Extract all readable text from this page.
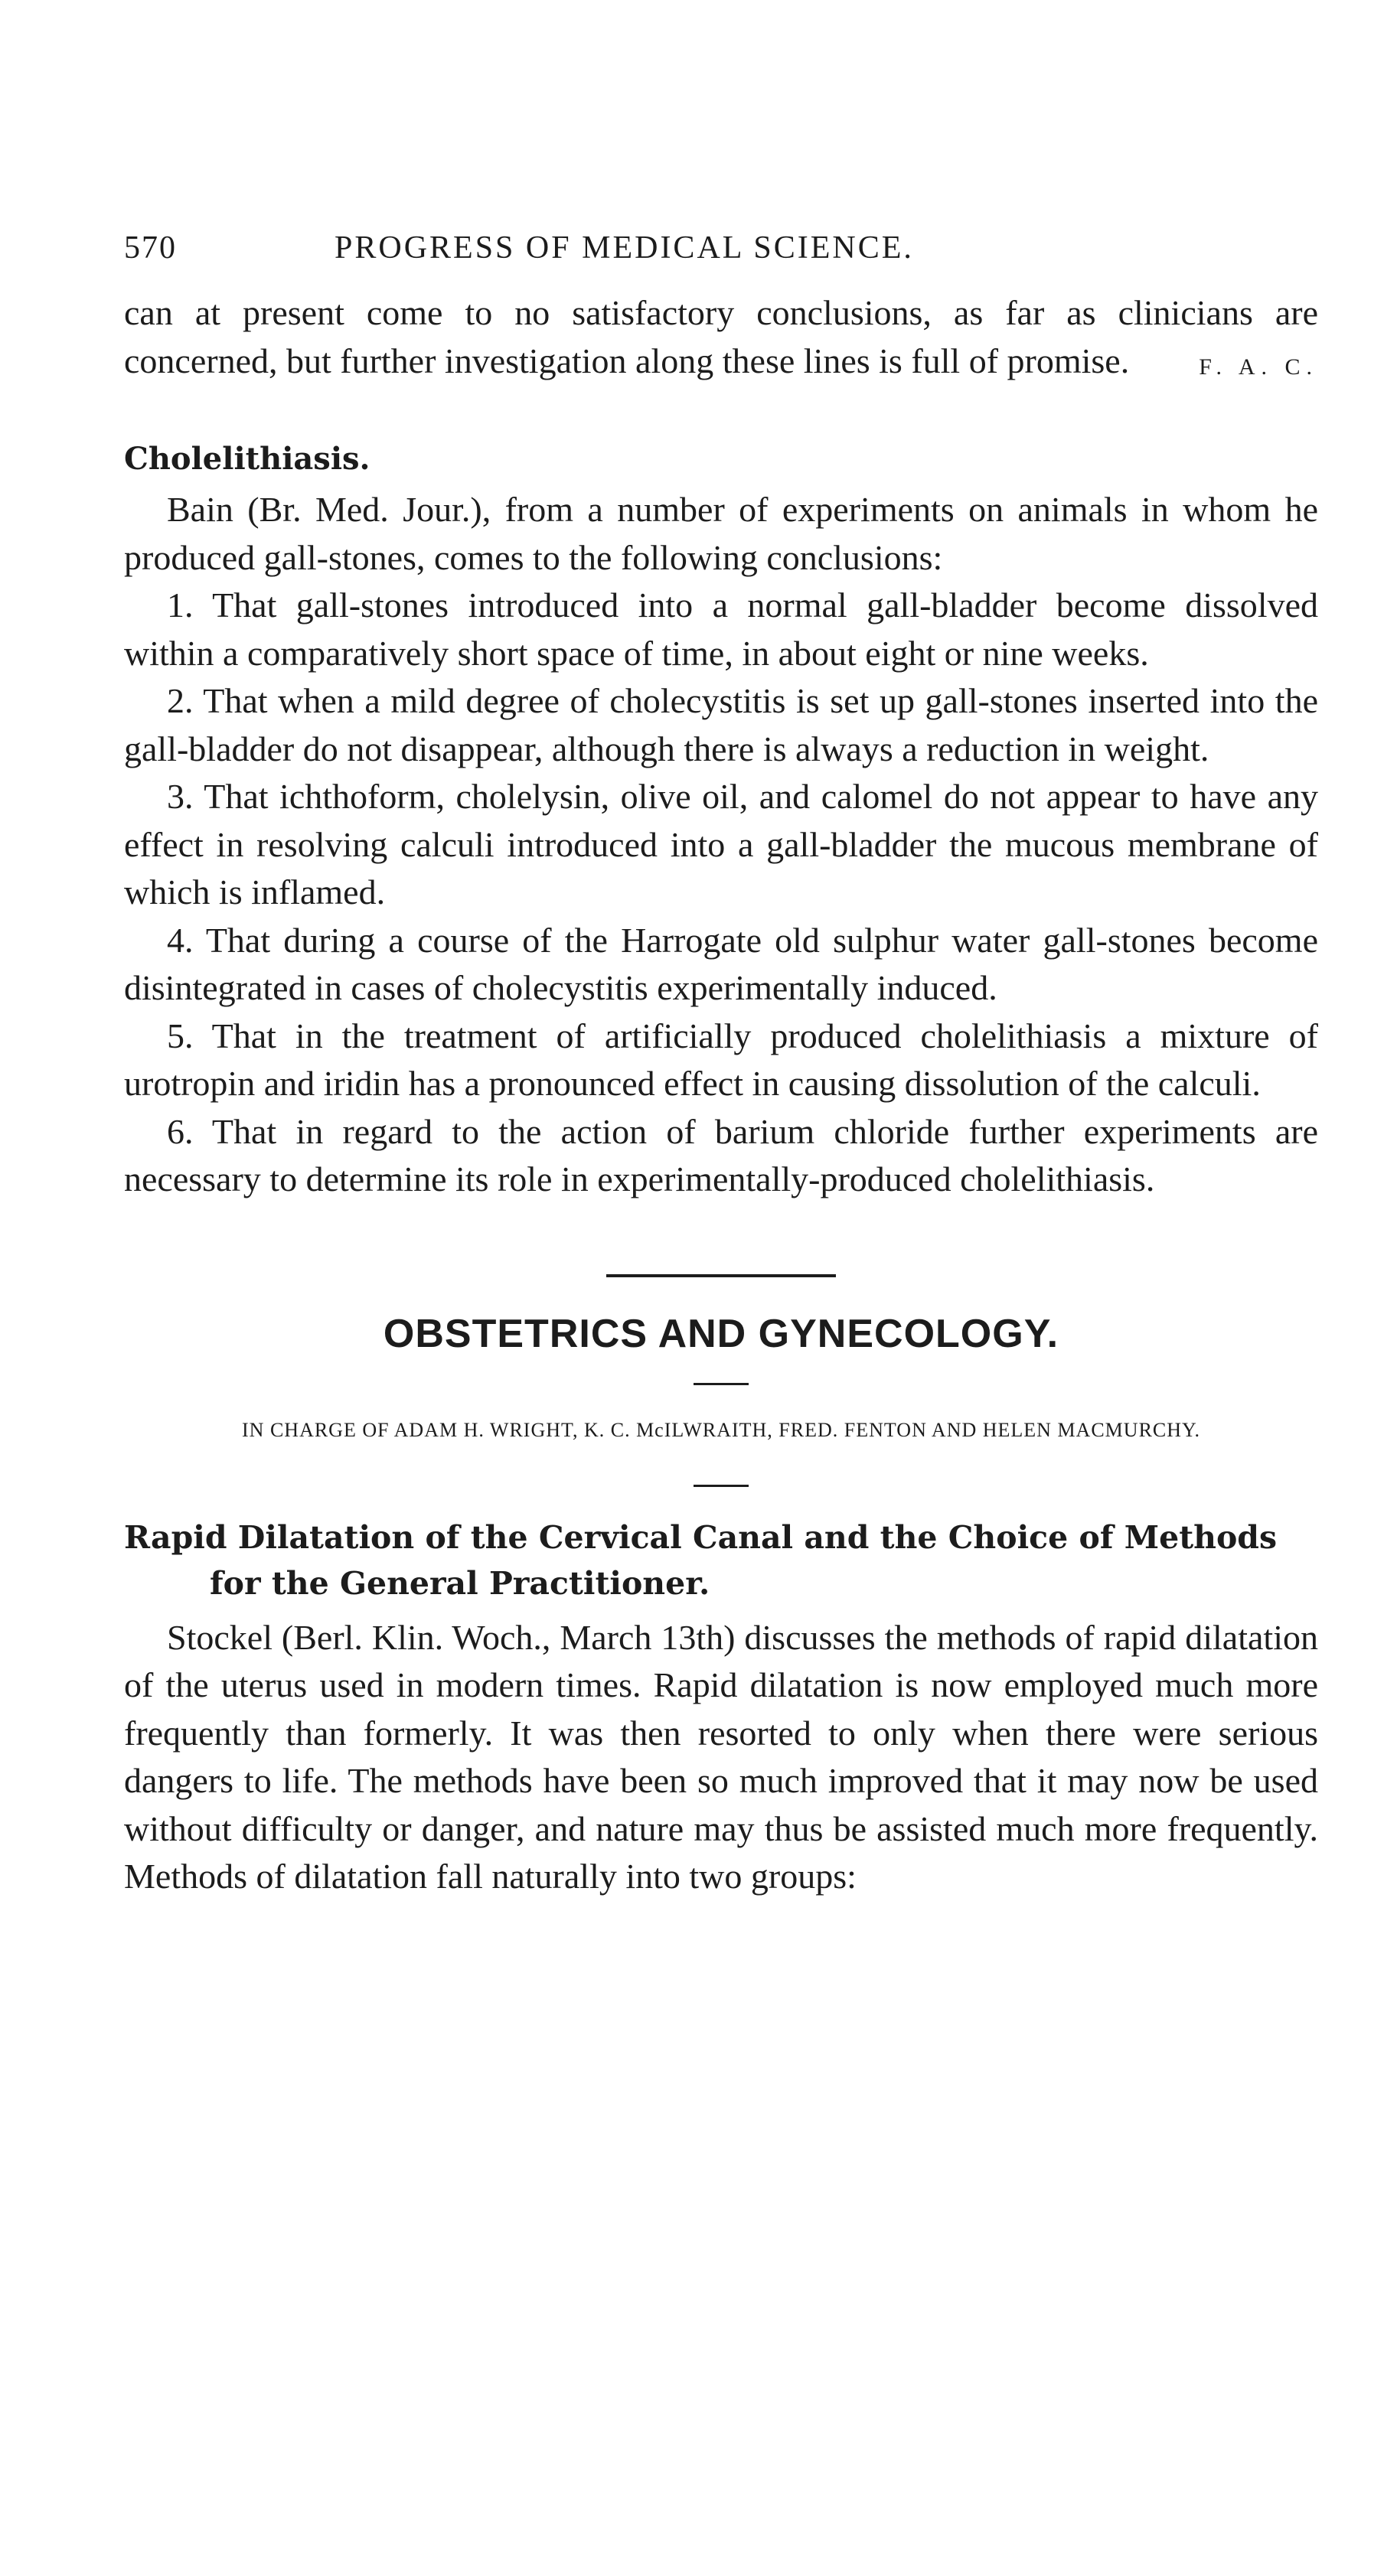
570	PROGRESS OF MEDICAL SCIENCE.

can at present come to no satisfactory conclusions, as far as clinicians are concerned, but further investigation along these lines is full of promise.	F. A. C.

Cholelithiasis.

Bain (Br. Med. Jour.), from a number of experiments on animals in whom he produced gall-stones, comes to the following conclusions:

1. That gall-stones introduced into a normal gall-bladder become dissolved within a comparatively short space of time, in about eight or nine weeks.

2. That when a mild degree of cholecystitis is set up gall-stones inserted into the gall-bladder do not disappear, although there is always a reduction in weight.

3. That ichthoform, cholelysin, olive oil, and calomel do not appear to have any effect in resolving calculi introduced into a gall-bladder the mucous membrane of which is inflamed.

4. That during a course of the Harrogate old sulphur water gall-stones become disintegrated in cases of cholecystitis experimentally induced.

5. That in the treatment of artificially produced cholelithiasis a mixture of urotropin and iridin has a pronounced effect in causing dissolution of the calculi.

6. That in regard to the action of barium chloride further experiments are necessary to determine its role in experimentally-produced cholelithiasis.

OBSTETRICS AND GYNECOLOGY.
IN CHARGE OF ADAM H. WRIGHT, K. C. McILWRAITH, FRED. FENTON AND HELEN MACMURCHY.
Rapid Dilatation of the Cervical Canal and the Choice of Methods for the General Practitioner.

Stockel (Berl. Klin. Woch., March 13th) discusses the methods of rapid dilatation of the uterus used in modern times. Rapid dilatation is now employed much more frequently than formerly. It was then resorted to only when there were serious dangers to life. The methods have been so much improved that it may now be used without difficulty or danger, and nature may thus be assisted much more frequently. Methods of dilatation fall naturally into two groups:
